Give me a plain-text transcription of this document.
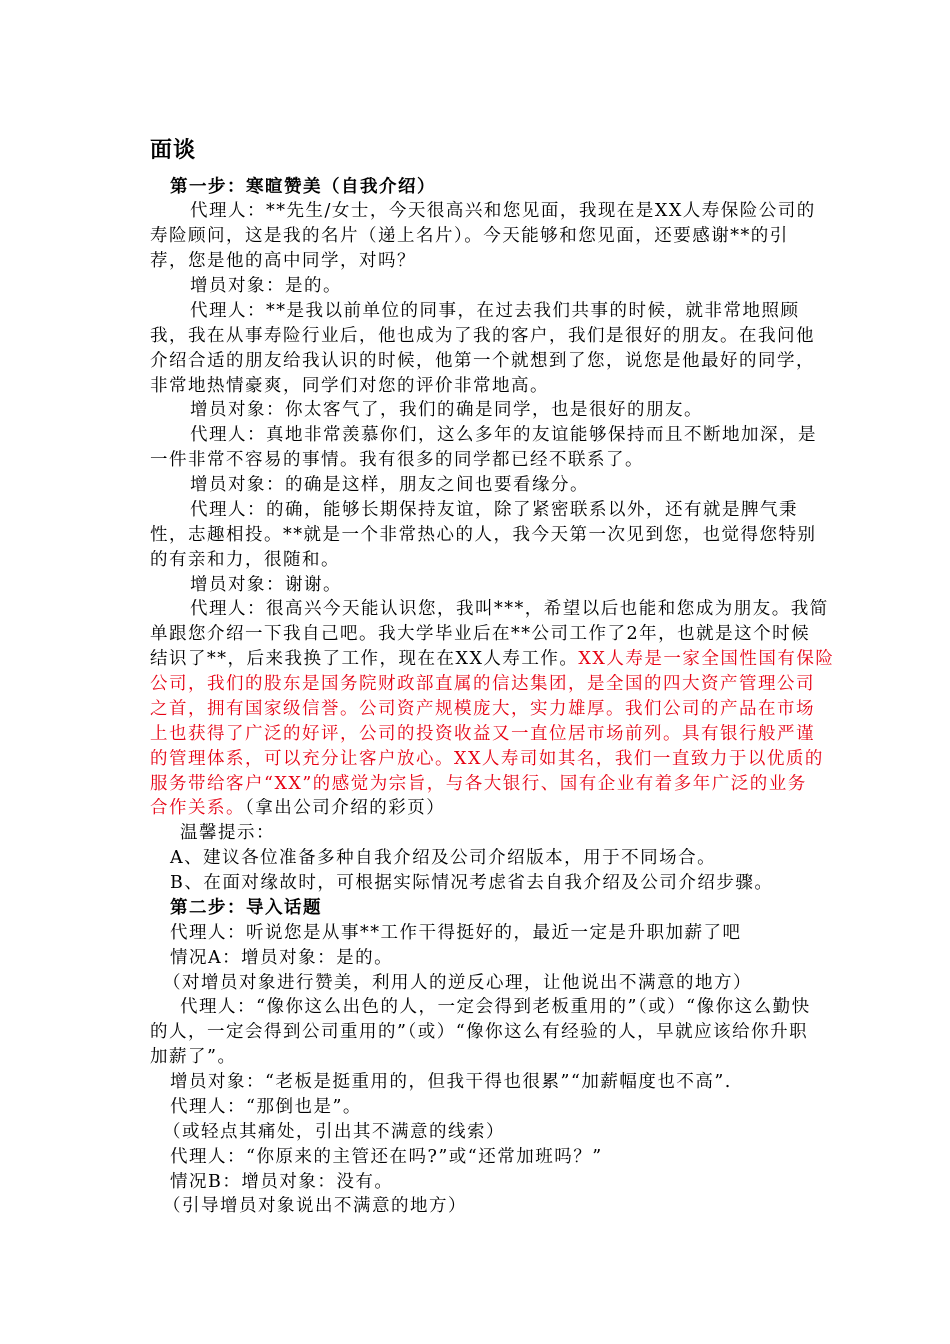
面谈
第一步：寒暄赞美（自我介绍）
代理人：**先生/女士，今天很高兴和您见面，我现在是XX人寿保险公司的
寿险顾问，这是我的名片（递上名片）。今天能够和您见面，还要感谢**的引
荐，您是他的高中同学，对吗？
增员对象：是的。
代理人：**是我以前单位的同事，在过去我们共事的时候，就非常地照顾
我，我在从事寿险行业后，他也成为了我的客户，我们是很好的朋友。在我问他
介绍合适的朋友给我认识的时候，他第一个就想到了您，说您是他最好的同学，
非常地热情豪爽，同学们对您的评价非常地高。
增员对象：你太客气了，我们的确是同学，也是很好的朋友。
代理人：真地非常羡慕你们，这么多年的友谊能够保持而且不断地加深，是
一件非常不容易的事情。我有很多的同学都已经不联系了。
增员对象：的确是这样，朋友之间也要看缘分。
代理人：的确，能够长期保持友谊，除了紧密联系以外，还有就是脾气秉
性，志趣相投。**就是一个非常热心的人，我今天第一次见到您，也觉得您特别
的有亲和力，很随和。
增员对象：谢谢。
代理人：很高兴今天能认识您，我叫***，希望以后也能和您成为朋友。我简
单跟您介绍一下我自己吧。我大学毕业后在**公司工作了2年，也就是这个时候
结识了**，后来我换了工作，现在在XX人寿工作。XX人寿是一家全国性国有保险
公司，我们的股东是国务院财政部直属的信达集团，是全国的四大资产管理公司
之首，拥有国家级信誉。公司资产规模庞大，实力雄厚。我们公司的产品在市场
上也获得了广泛的好评，公司的投资收益又一直位居市场前列。具有银行般严谨
的管理体系，可以充分让客户放心。XX人寿司如其名，我们一直致力于以优质的
服务带给客户“XX”的感觉为宗旨，与各大银行、国有企业有着多年广泛的业务
合作关系。（拿出公司介绍的彩页）
温馨提示：
A、建议各位准备多种自我介绍及公司介绍版本，用于不同场合。
B、在面对缘故时，可根据实际情况考虑省去自我介绍及公司介绍步骤。
第二步：导入话题
代理人：听说您是从事**工作干得挺好的，最近一定是升职加薪了吧
情况A：增员对象：是的。
（对增员对象进行赞美，利用人的逆反心理，让他说出不满意的地方）
代理人：“像你这么出色的人，一定会得到老板重用的”（或）“像你这么勤快
的人，一定会得到公司重用的”（或）“像你这么有经验的人，早就应该给你升职
加薪了”。
增员对象：“老板是挺重用的，但我干得也很累”“加薪幅度也不高”.
代理人：“那倒也是”。
（或轻点其痛处，引出其不满意的线索）
代理人：“你原来的主管还在吗?”或“还常加班吗？”
情况B：增员对象：没有。
（引导增员对象说出不满意的地方）
